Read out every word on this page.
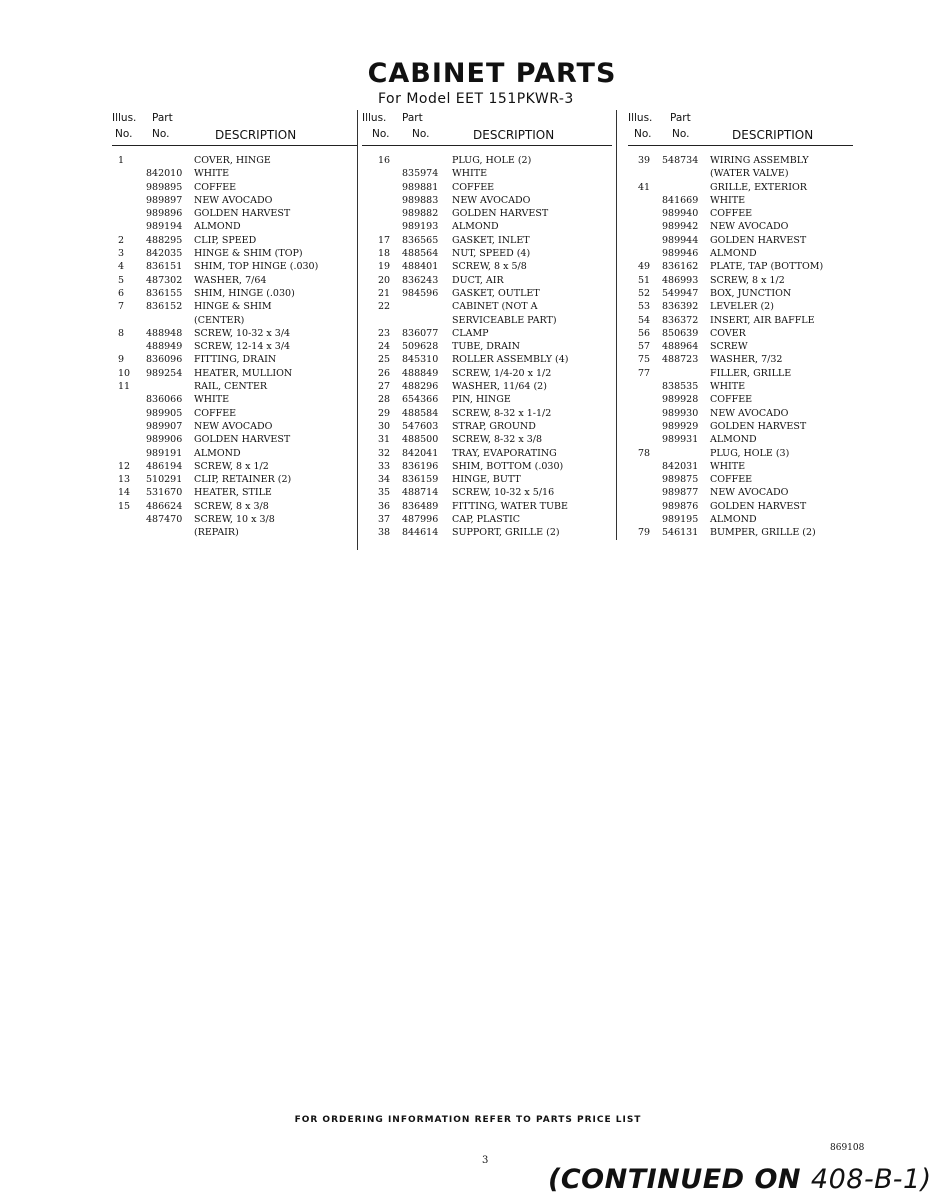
CABINET PARTS
For Model EET 151PKWR-3
Illus. Part
No. No.	DESCRIPTION
1	COVER, HINGE
842010 WHITE
989895 COFFEE
989897 NEW AVOCADO
989896 GOLDEN HARVEST
989194 ALMOND
2 488295 CLIP, SPEED
3 842035 HINGE & SHIM (TOP)
4 836151 SHIM, TOP HINGE (.030)
5 487302 WASHER, 7/64
6 836155 SHIM, HINGE (.030)
7 836152 HINGE & SHIM
(CENTER)
8 488948 SCREW, 10-32 x 3/4
488949 SCREW, 12-14 x 3/4
9 836096 FITTING, DRAIN
10 989254 HEATER, MULLION
11	RAIL, CENTER
836066 WHITE
989905 COFFEE
989907 NEW AVOCADO
989906 GOLDEN HARVEST
989191 ALMOND
12 486194 SCREW, 8 x 1/2
13 510291 CLIP, RETAINER (2)
14 531670 HEATER, STILE
15 486624 SCREW, 8 x 3/8
487470 SCREW, 10 x 3/8
(REPAIR)
Illus. Part
No. No.	DESCRIPTION
16	PLUG, HOLE (2)
835974 WHITE
989881 COFFEE
989883 NEW AVOCADO
989882 GOLDEN HARVEST
989193 ALMOND
17 836565 GASKET, INLET
18 488564 NUT, SPEED (4)
19 488401 SCREW, 8 x 5/8
20 836243 DUCT, AIR
21 984596 GASKET, OUTLET
22	CABINET (NOT A
SERVICEABLE PART)
23 836077 CLAMP
24 509628 TUBE, DRAIN
25 845310 ROLLER ASSEMBLY (4)
26 488849 SCREW, 1/4-20 x 1/2
27 488296 WASHER, 11/64 (2)
28 654366 PIN, HINGE
29 488584 SCREW, 8-32 x 1-1/2
30 547603 STRAP, GROUND
31 488500 SCREW, 8-32 x 3/8
32 842041 TRAY, EVAPORATING
33 836196 SHIM, BOTTOM (.030)
34 836159 HINGE, BUTT
35 488714 SCREW, 10-32 x 5/16
36 836489 FITTING, WATER TUBE
37 487996 CAP, PLASTIC
38 844614 SUPPORT, GRILLE (2)
Illus. Part
No. No.	DESCRIPTION
39 548734 WIRING ASSEMBLY
(WATER VALVE)
41	GRILLE, EXTERIOR
841669 WHITE
989940 COFFEE
989942 NEW AVOCADO
989944 GOLDEN HARVEST
989946 ALMOND
49 836162 PLATE, TAP (BOTTOM)
51 486993 SCREW, 8 x 1/2
52 549947 BOX, JUNCTION
53 836392 LEVELER (2)
54 836372 INSERT, AIR BAFFLE
56 850639 COVER
57 488964 SCREW
75 488723 WASHER, 7/32
77	FILLER, GRILLE
838535 WHITE
989928 COFFEE
989930 NEW AVOCADO
989929 GOLDEN HARVEST
989931 ALMOND
78	PLUG, HOLE (3)
842031 WHITE
989875 COFFEE
989877 NEW AVOCADO
989876 GOLDEN HARVEST
989195 ALMOND
79 546131 BUMPER, GRILLE (2)
FOR ORDERING INFORMATION REFER TO PARTS PRICE LIST
3
869108
(CONTINUED ON 408-B-1)
